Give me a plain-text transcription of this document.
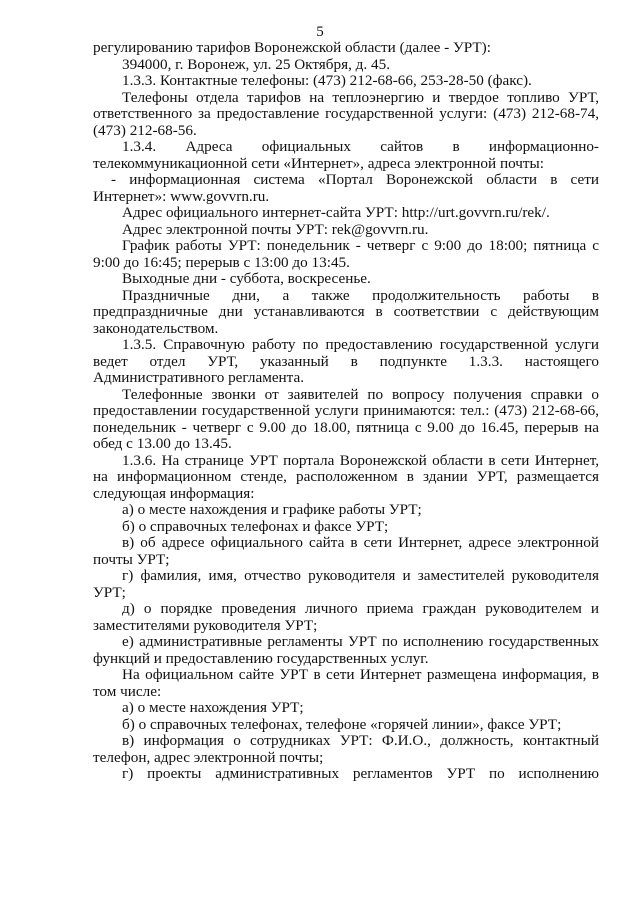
5
регулированию тарифов Воронежской области (далее - УРТ):
394000, г. Воронеж, ул. 25 Октября, д. 45.
1.3.3. Контактные телефоны: (473) 212-68-66, 253-28-50 (факс).
Телефоны отдела тарифов на теплоэнергию и твердое топливо УРТ,
ответственного за предоставление государственной услуги: (473) 212-68-74,
(473) 212-68-56.
1.3.4. Адреса официальных сайтов в информационно-
телекоммуникационной сети «Интернет», адреса электронной почты:
- информационная система «Портал Воронежской области в сети
Интернет»: www.govvrn.ru.
Адрес официального интернет-сайта УРТ: http://urt.govvrn.ru/rek/.
Адрес электронной почты УРТ: rek@govvrn.ru.
График работы УРТ: понедельник - четверг с 9:00 до 18:00; пятница с
9:00 до 16:45; перерыв с 13:00 до 13:45.
Выходные дни - суббота, воскресенье.
Праздничные дни, а также продолжительность работы в
предпраздничные дни устанавливаются в соответствии с действующим
законодательством.
1.3.5. Справочную работу по предоставлению государственной услуги
ведет отдел УРТ, указанный в подпункте 1.3.3. настоящего
Административного регламента.
Телефонные звонки от заявителей по вопросу получения справки о
предоставлении государственной услуги принимаются: тел.: (473) 212-68-66,
понедельник - четверг с 9.00 до 18.00, пятница с 9.00 до 16.45, перерыв на
обед с 13.00 до 13.45.
1.3.6. На странице УРТ портала Воронежской области в сети Интернет,
на информационном стенде, расположенном в здании УРТ, размещается
следующая информация:
а) о месте нахождения и графике работы УРТ;
б) о справочных телефонах и факсе УРТ;
в) об адресе официального сайта в сети Интернет, адресе электронной
почты УРТ;
г) фамилия, имя, отчество руководителя и заместителей руководителя
УРТ;
д) о порядке проведения личного приема граждан руководителем и
заместителями руководителя УРТ;
е) административные регламенты УРТ по исполнению государственных
функций и предоставлению государственных услуг.
На официальном сайте УРТ в сети Интернет размещена информация, в
том числе:
а) о месте нахождения УРТ;
б) о справочных телефонах, телефоне «горячей линии», факсе УРТ;
в) информация о сотрудниках УРТ: Ф.И.О., должность, контактный
телефон, адрес электронной почты;
г) проекты административных регламентов УРТ по исполнению
